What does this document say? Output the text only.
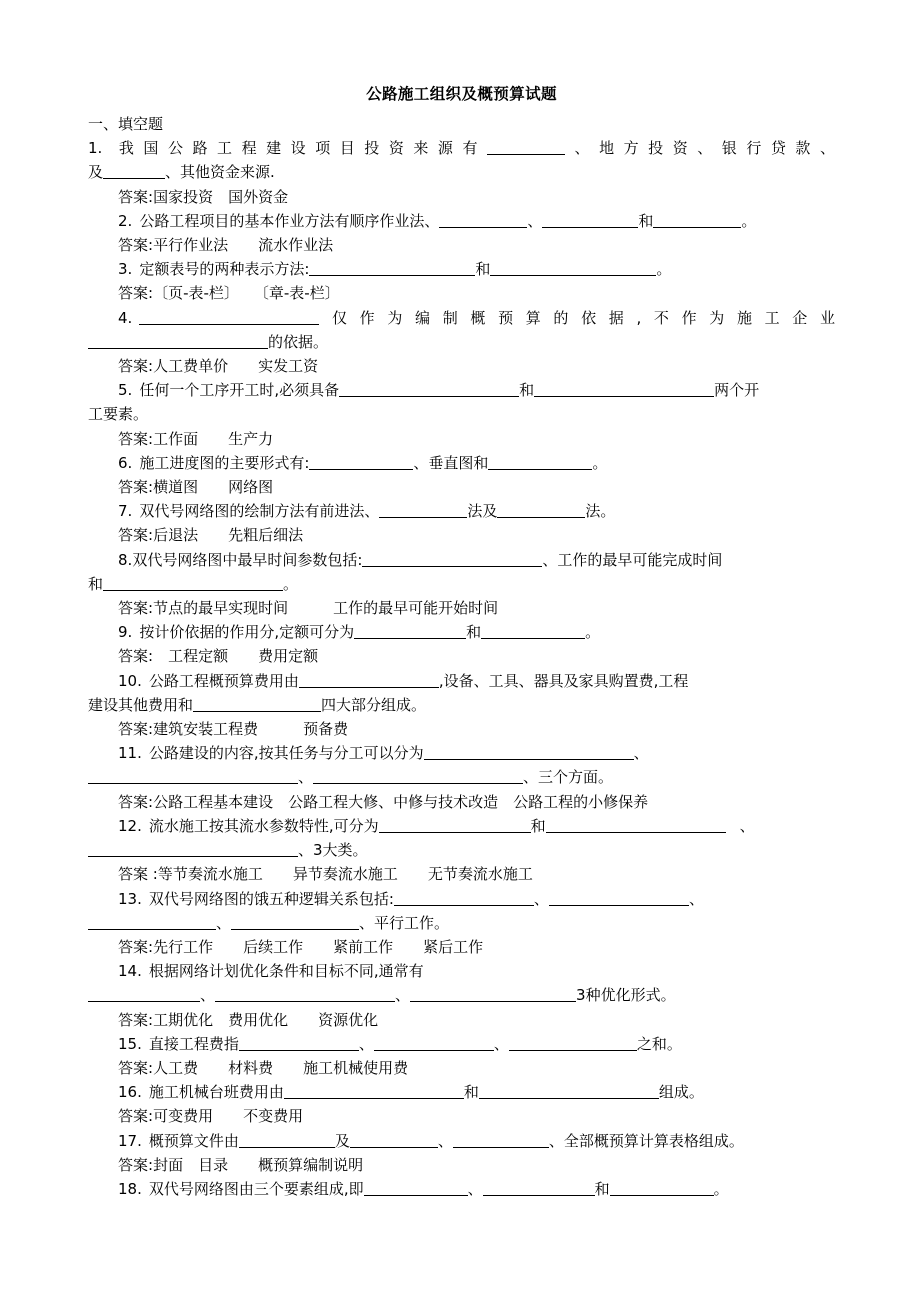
公路施工组织及概预算试题

一、填空题

1. 我国公路工程建设项目投资来源有	、地方投资、银行贷款、

及	、其他资金来源.

答案:国家投资　国外资金

2. 公路工程项目的基本作业方法有顺序作业法、	、	和	。

答案:平行作业法　　流水作业法

3. 定额表号的两种表示方法:	和	。

答案:〔页-表-栏〕　　〔章-表-栏〕

4.	仅作为编制概预算的依据,不作为施工企业

的依据。

答案:人工费单价　　实发工资

5. 任何一个工序开工时,必须具备	和	两个开

工要素。

答案:工作面　　生产力

6. 施工进度图的主要形式有:	、垂直图和	。

答案:横道图　　网络图

7. 双代号网络图的绘制方法有前进法、	法及	法。

答案:后退法　　先粗后细法

8.双代号网络图中最早时间参数包括:	、工作的最早可能完成时间

和	。

答案:节点的最早实现时间　　　工作的最早可能开始时间

9. 按计价依据的作用分,定额可分为	和	。

答案:　工程定额　　费用定额

10. 公路工程概预算费用由	,设备、工具、器具及家具购置费,工程

建设其他费用和	四大部分组成。

答案:建筑安装工程费　　　预备费

11. 公路建设的内容,按其任务与分工可以分为	、

、	、三个方面。

答案:公路工程基本建设　公路工程大修、中修与技术改造　公路工程的小修保养

12. 流水施工按其流水参数特性,可分为	和	、

、3大类。

答案 :等节奏流水施工　　异节奏流水施工　　无节奏流水施工

13. 双代号网络图的饿五种逻辑关系包括:	、	、

、	、平行工作。

答案:先行工作　　后续工作　　紧前工作　　紧后工作

14. 根据网络计划优化条件和目标不同,通常有

、	、	3种优化形式。

答案:工期优化　费用优化　　资源优化

15. 直接工程费指	、	、	之和。

答案:人工费　　材料费　　施工机械使用费

16. 施工机械台班费用由	和	组成。

答案:可变费用　　不变费用

17. 概预算文件由	及	、	、全部概预算计算表格组成。

答案:封面　目录　　概预算编制说明

18. 双代号网络图由三个要素组成,即	、	和	。
